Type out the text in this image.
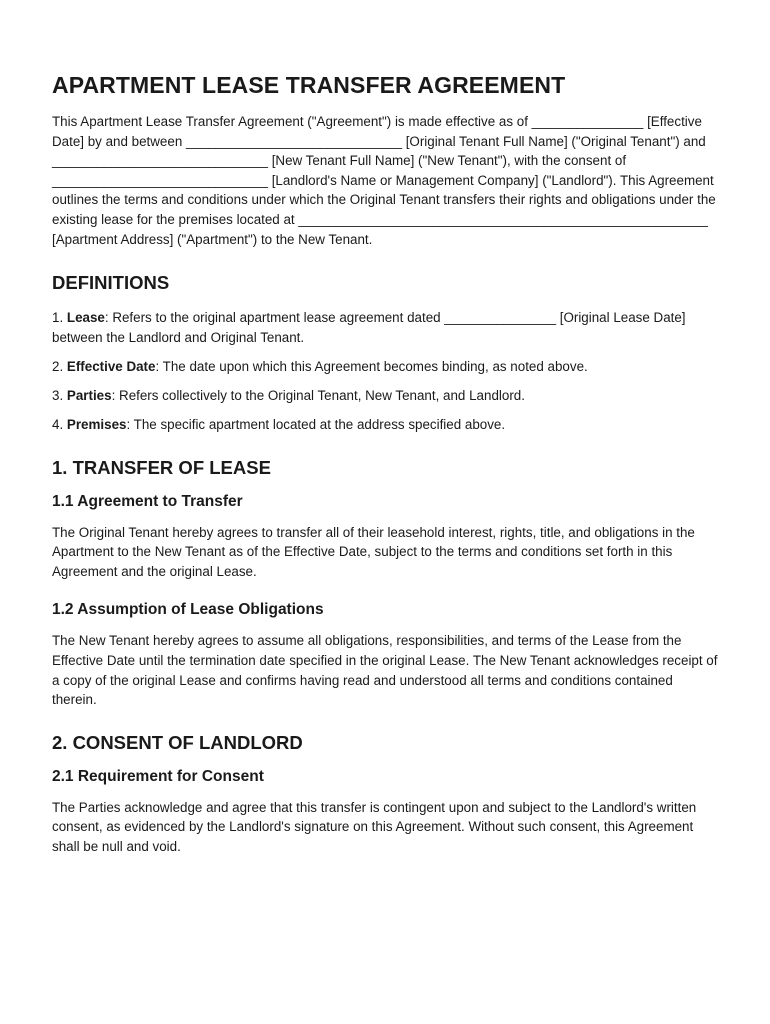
APARTMENT LEASE TRANSFER AGREEMENT

This Apartment Lease Transfer Agreement ("Agreement") is made effective as of _______________ [Effective Date] by and between _____________________________ [Original Tenant Full Name] ("Original Tenant") and _____________________________ [New Tenant Full Name] ("New Tenant"), with the consent of _____________________________ [Landlord's Name or Management Company] ("Landlord"). This Agreement outlines the terms and conditions under which the Original Tenant transfers their rights and obligations under the existing lease for the premises located at _______________________________________________________ [Apartment Address] ("Apartment") to the New Tenant.

DEFINITIONS

1. Lease: Refers to the original apartment lease agreement dated _______________ [Original Lease Date] between the Landlord and Original Tenant.

2. Effective Date: The date upon which this Agreement becomes binding, as noted above.

3. Parties: Refers collectively to the Original Tenant, New Tenant, and Landlord.

4. Premises: The specific apartment located at the address specified above.

1. TRANSFER OF LEASE
1.1 Agreement to Transfer

The Original Tenant hereby agrees to transfer all of their leasehold interest, rights, title, and obligations in the Apartment to the New Tenant as of the Effective Date, subject to the terms and conditions set forth in this Agreement and the original Lease.

1.2 Assumption of Lease Obligations

The New Tenant hereby agrees to assume all obligations, responsibilities, and terms of the Lease from the Effective Date until the termination date specified in the original Lease. The New Tenant acknowledges receipt of a copy of the original Lease and confirms having read and understood all terms and conditions contained therein.

2. CONSENT OF LANDLORD
2.1 Requirement for Consent

The Parties acknowledge and agree that this transfer is contingent upon and subject to the Landlord's written consent, as evidenced by the Landlord's signature on this Agreement. Without such consent, this Agreement shall be null and void.
